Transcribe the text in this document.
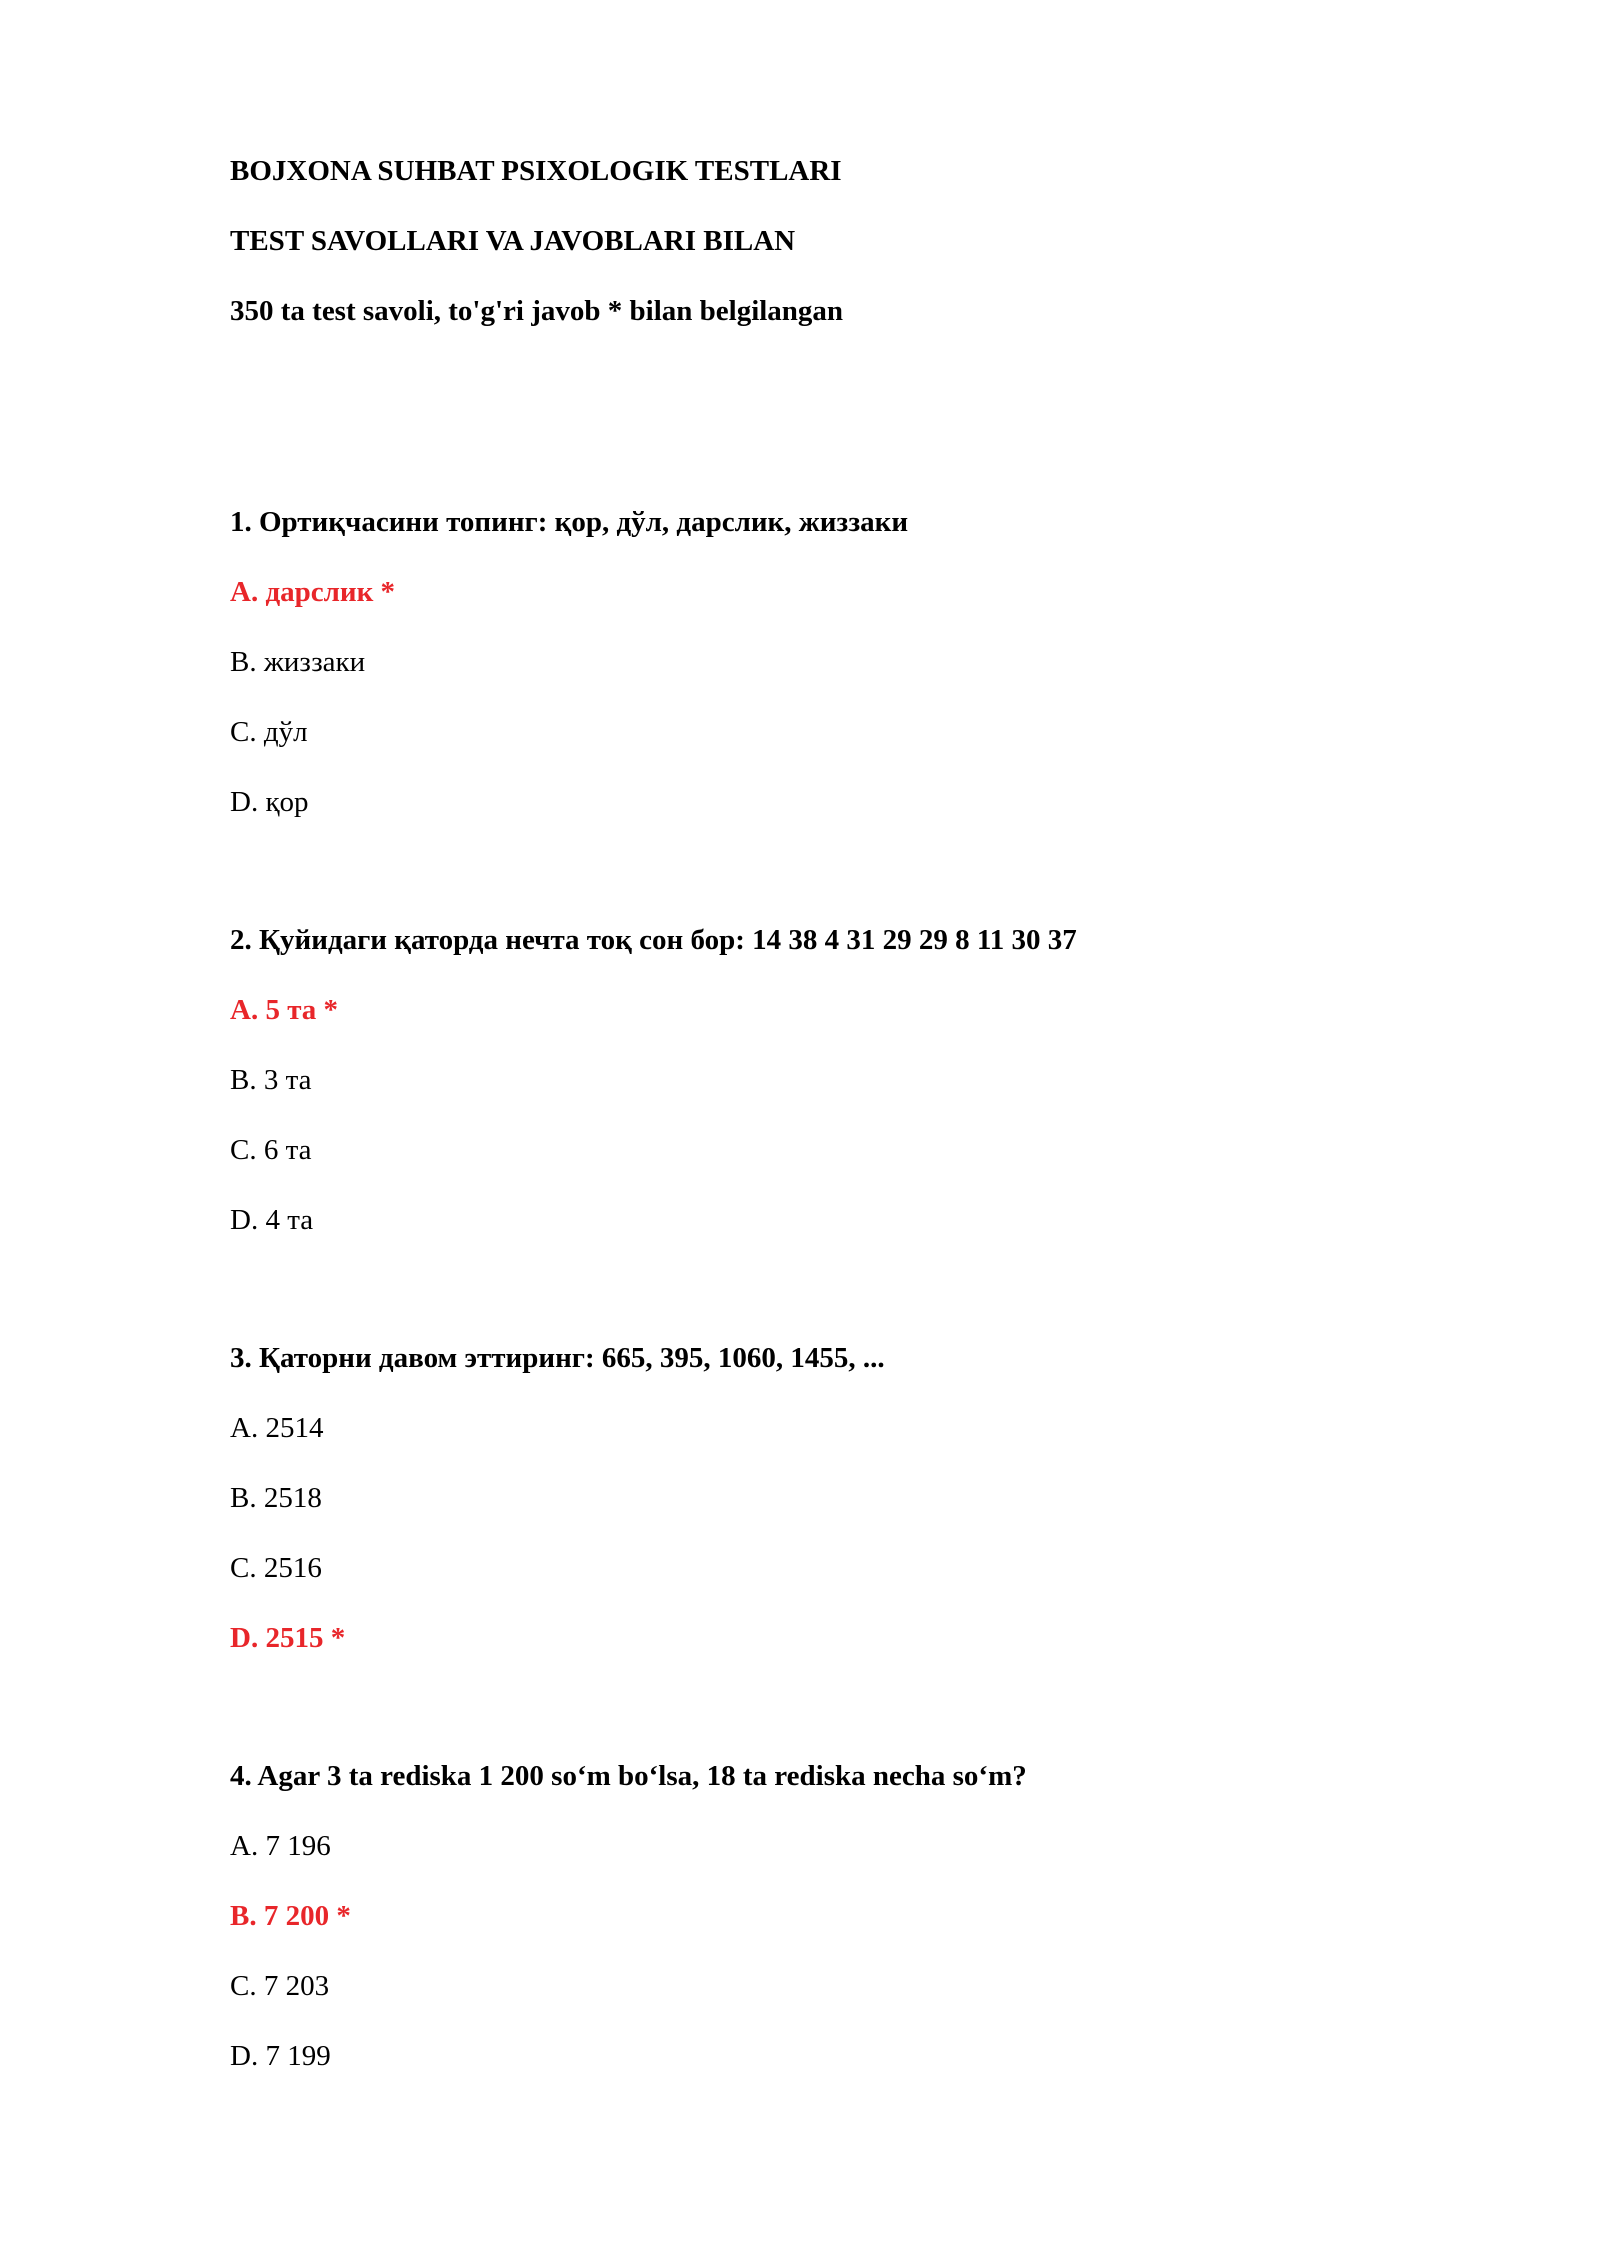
BOJXONA SUHBAT PSIXOLOGIK TESTLARI
TEST SAVOLLARI VA JAVOBLARI BILAN
350 ta test savoli, to'g'ri javob * bilan belgilangan
1. Ортиқчасини топинг: қор, дўл, дарслик, жиззаки
A. дарслик *
B. жиззаки
C. дўл
D. қор
2. Қуйидаги қаторда нечта тоқ сон бор: 14 38 4 31 29 29 8 11 30 37
A. 5 та *
B. 3 та
C. 6 та
D. 4 та
3. Қаторни давом эттиринг: 665, 395, 1060, 1455, ...
A. 2514
B. 2518
C. 2516
D. 2515 *
4. Agar 3 ta rediska 1 200 so‘m bo‘lsa, 18 ta rediska necha so‘m?
A. 7 196
B. 7 200 *
C. 7 203
D. 7 199
